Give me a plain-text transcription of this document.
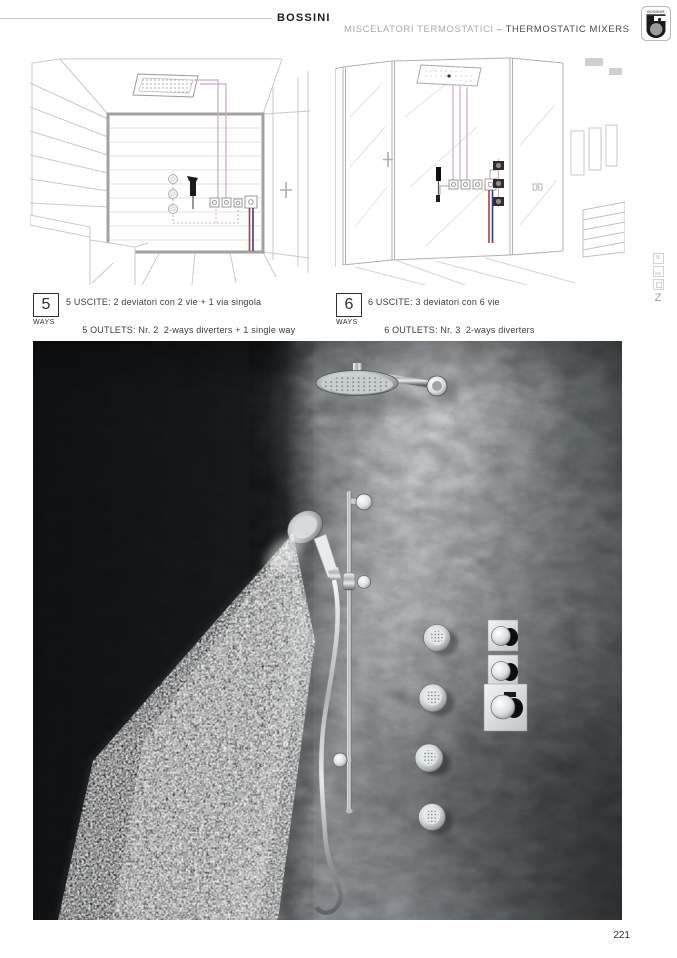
BOSSINI

MISCELATORI TERMOSTATICI – THERMOSTATIC MIXERS

BOSSINI®
5
WAYS
5 USCITE: 2 deviatori con 2 vie + 1 via singola

5 OUTLETS: Nr. 2  2-ways diverters + 1 single way
6
WAYS
6 USCITE: 3 deviatori con 6 vie

6 OUTLETS: Nr. 3  2-ways diverters
Z
221
